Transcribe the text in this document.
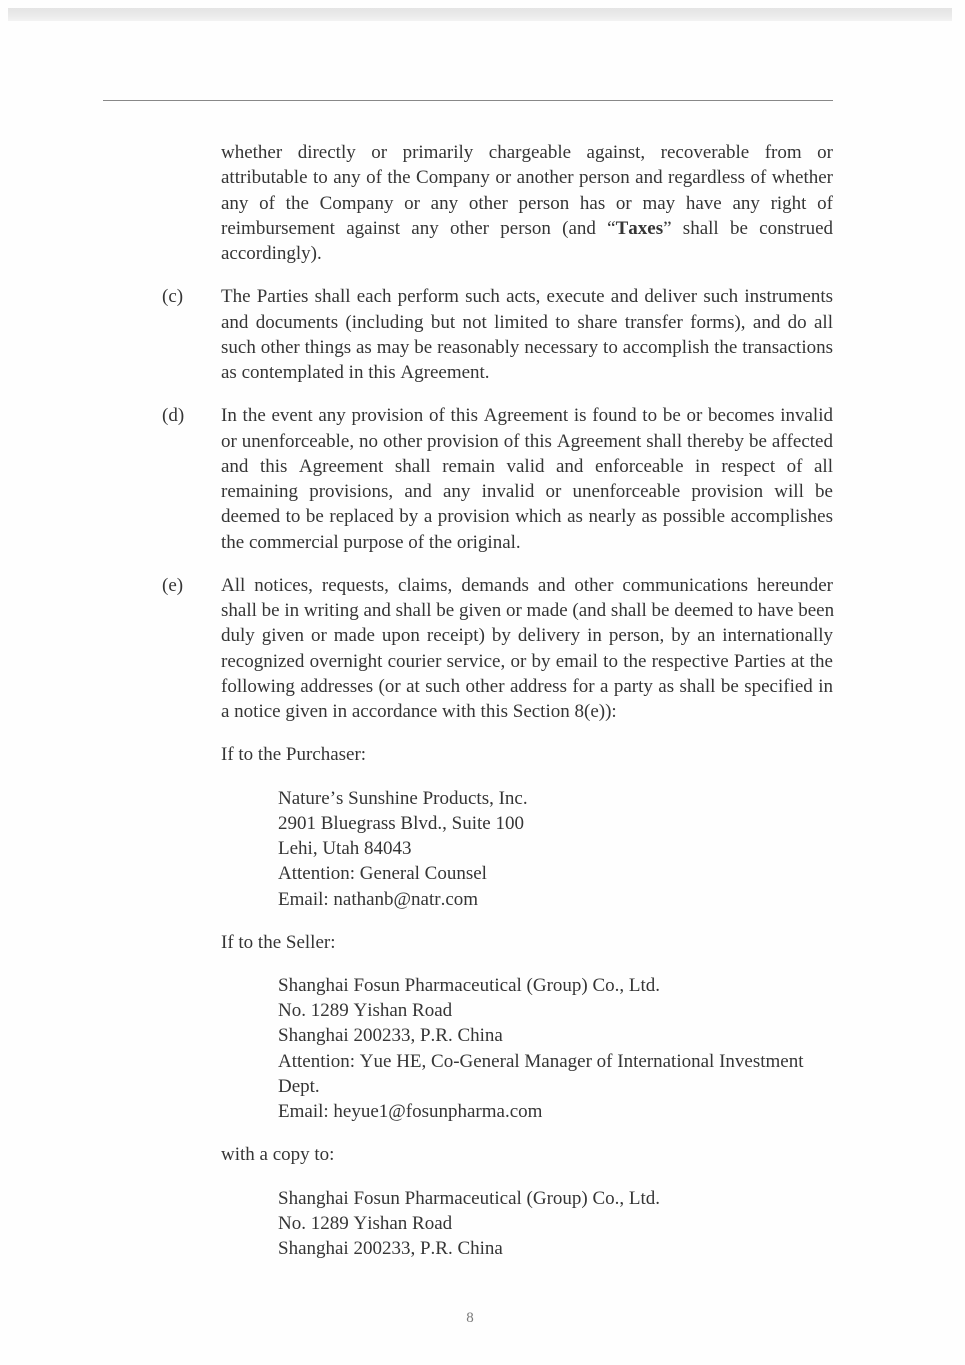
whether directly or primarily chargeable against, recoverable from or
attributable to any of the Company or another person and regardless of whether
any of the Company or any other person has or may have any right of
reimbursement against any other person (and “Taxes” shall be construed
accordingly).
(c) The Parties shall each perform such acts, execute and deliver such instruments
and documents (including but not limited to share transfer forms), and do all
such other things as may be reasonably necessary to accomplish the transactions
as contemplated in this Agreement.
(d) In the event any provision of this Agreement is found to be or becomes invalid
or unenforceable, no other provision of this Agreement shall thereby be affected
and this Agreement shall remain valid and enforceable in respect of all
remaining provisions, and any invalid or unenforceable provision will be
deemed to be replaced by a provision which as nearly as possible accomplishes
the commercial purpose of the original.
(e) All notices, requests, claims, demands and other communications hereunder
shall be in writing and shall be given or made (and shall be deemed to have been
duly given or made upon receipt) by delivery in person, by an internationally
recognized overnight courier service, or by email to the respective Parties at the
following addresses (or at such other address for a party as shall be specified in
a notice given in accordance with this Section 8(e)):
If to the Purchaser:
Nature’s Sunshine Products, Inc.
2901 Bluegrass Blvd., Suite 100
Lehi, Utah 84043
Attention: General Counsel
Email: nathanb@natr.com
If to the Seller:
Shanghai Fosun Pharmaceutical (Group) Co., Ltd.
No. 1289 Yishan Road
Shanghai 200233, P.R. China
Attention: Yue HE, Co-General Manager of International Investment Dept.
Email: heyue1@fosunpharma.com
with a copy to:
Shanghai Fosun Pharmaceutical (Group) Co., Ltd.
No. 1289 Yishan Road
Shanghai 200233, P.R. China
8
